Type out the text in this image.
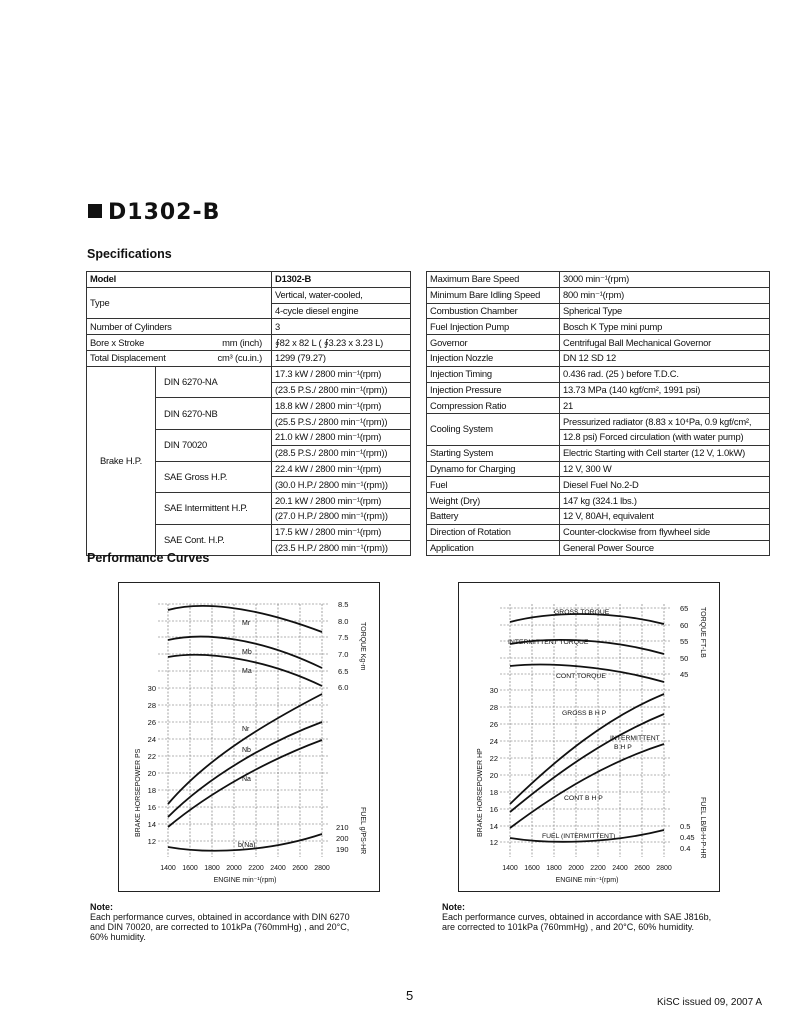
D1302-B
Specifications
Model		D1302-B
Type		Vertical, water-cooled,
		4-cycle diesel engine
Number of Cylinders		3
Bore x Stroke mm (inch)		∮82 x 82 L ( ∮3.23 x 3.23 L)
Total Displacement cm³ (cu.in.)		1299 (79.27)
Brake H.P.	DIN 6270-NA	17.3 kW / 2800 min⁻¹(rpm)
		(23.5 P.S./ 2800 min⁻¹(rpm))
	DIN 6270-NB	18.8 kW / 2800 min⁻¹(rpm)
		(25.5 P.S./ 2800 min⁻¹(rpm))
	DIN 70020	21.0 kW / 2800 min⁻¹(rpm)
		(28.5 P.S./ 2800 min⁻¹(rpm))
	SAE Gross H.P.	22.4 kW / 2800 min⁻¹(rpm)
		(30.0 H.P./ 2800 min⁻¹(rpm))
	SAE Intermittent H.P.	20.1 kW / 2800 min⁻¹(rpm)
		(27.0 H.P./ 2800 min⁻¹(rpm))
	SAE Cont. H.P.	17.5 kW / 2800 min⁻¹(rpm)
		(23.5 H.P./ 2800 min⁻¹(rpm))
Maximum Bare Speed	3000 min⁻¹(rpm)
Minimum Bare Idling Speed	800 min⁻¹(rpm)
Combustion Chamber	Spherical Type
Fuel Injection Pump	Bosch K Type mini pump
Governor	Centrifugal Ball Mechanical Governor
Injection Nozzle	DN 12 SD 12
Injection Timing	0.436 rad. (25 ) before T.D.C.
Injection Pressure	13.73 MPa (140 kgf/cm², 1991 psi)
Compression Ratio	21
Cooling System	Pressurized radiator (8.83 x 10⁴Pa, 0.9 kgf/cm²,
	12.8 psi) Forced circulation (with water pump)
Starting System	Electric Starting with Cell starter (12 V, 1.0kW)
Dynamo for Charging	12 V, 300 W
Fuel	Diesel Fuel No.2-D
Weight (Dry)	147 kg (324.1 lbs.)
Battery	12 V, 80AH, equivalent
Direction of Rotation	Counter-clockwise from flywheel side
Application	General Power Source
Performance Curves
30
28
26
24
22
20
18
16
14
12
8.5
8.0
7.5
7.0
6.5
6.0
210
200
190
1400 1600 1800 2000 2200 2400 2600 2800
ENGINE min⁻¹(rpm)
BRAKE HORSEPOWER PS
TORQUE Kg-m
FUEL g/PS-HR
Mr
Mb
Ma
Nr
Nb
Na
b(Na)
30
28
26
24
22
20
18
16
14
12
65
60
55
50
45
0.5
0.45
0.4
1400 1600 1800 2000 2200 2400 2600 2800
ENGINE min⁻¹(rpm)
BRAKE HORSEPOWER HP
TORQUE FT-LB
FUEL LB/B-H-P-HR
GROSS TORQUE
INTERMITTENT TORQUE
CONT TORQUE
GROSS B H P
INTERMITTENT
B H P
CONT B H P
FUEL (INTERMITTENT)
Note:
Each performance curves, obtained in accordance with DIN 6270
and DIN 70020, are corrected to 101kPa (760mmHg) , and 20°C,
60% humidity.
Note:
Each performance curves, obtained in accordance with SAE J816b,
are corrected to 101kPa (760mmHg) , and 20°C, 60% humidity.
5	KiSC issued 09, 2007 A
